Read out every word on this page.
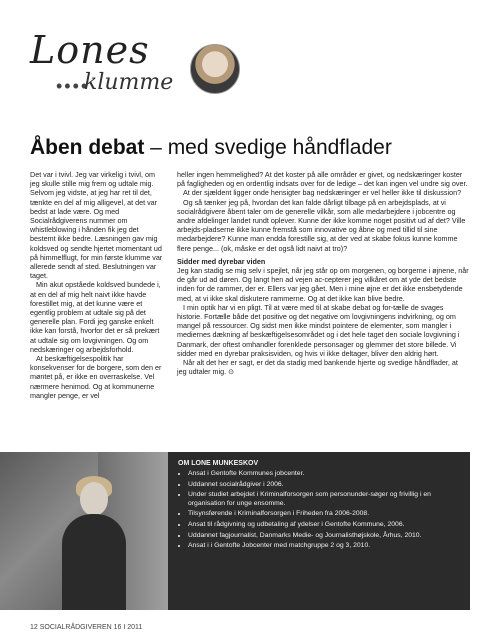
Lones
••••
klumme
Åben debat – med svedige håndflader

Det var i tvivl. Jeg var virkelig i tvivl, om jeg skulle stille mig frem og udtale mig. Selvom jeg vidste, at jeg har ret til det, tænkte en del af mig alligevel, at det var bedst at lade være. Og med Socialrådgiverens nummer om whistleblowing i hånden fik jeg det bestemt ikke bedre. Læsningen gav mig koldsved og sendte hjertet momentant ud på himmelflugt, for min første klumme var allerede sendt af sted. Beslutningen var taget.

Min akut opståede koldsved bundede i, at en del af mig helt naivt ikke havde forestillet mig, at det kunne være et egentlig problem at udtale sig på det generelle plan. Fordi jeg ganske enkelt ikke kan forstå, hvorfor det er så prekært at udtale sig om lovgivningen. Og om nedskæringer og arbejdsforhold.

At beskæftigelsespolitik har konsekvenser for de borgere, som den er møntet på, er ikke en overraskelse. Vel nærmere henimod. Og at kommunerne mangler penge, er vel

heller ingen hemmelighed? At det koster på alle områder er givet, og nedskæringer koster på fagligheden og en ordentlig indsats over for de ledige – det kan ingen vel undre sig over.

At der sjældent ligger onde hensigter bag nedskæringer er vel heller ikke til diskussion?

Og så tænker jeg på, hvordan det kan falde dårligt tilbage på en arbejdsplads, at vi socialrådgivere åbent taler om de generelle vilkår, som alle medarbejdere i jobcentre og andre afdelinger landet rundt oplever. Kunne der ikke komme noget positivt ud af det? Ville arbejds-pladserne ikke kunne fremstå som innovative og åbne og med tillid til sine medarbejdere? Kunne man endda forestille sig, at der ved at skabe fokus kunne komme flere penge... (ok, måske er det også lidt naivt at tro)?

Sidder med dyrebar viden

Jeg kan stadig se mig selv i spejlet, når jeg står op om morgenen, og borgerne i øjnene, når de går ud ad døren. Og langt hen ad vejen ac-cepterer jeg vilkåret om at yde det bedste inden for de rammer, der er. Ellers var jeg gået. Men i mine øjne er det ikke ensbetydende med, at vi ikke skal diskutere rammerne. Og at det ikke kan blive bedre.

I min optik har vi en pligt. Til at være med til at skabe debat og for-tælle de svages historie. Fortælle både det positive og det negative om lovgivningens indvirkning, og om mangel på ressourcer. Og sidst men ikke mindst pointere de elementer, som mangler i mediernes dækning af beskæftigelsesområdet og i det hele taget den sociale lovgivning i Danmark, der oftest omhandler forenklede personsager og glemmer det store billede. Vi sidder med en dyrebar praksisviden, og hvis vi ikke deltager, bliver den aldrig hørt.

Når alt det her er sagt, er det da stadig med bankende hjerte og svedige håndflader, at jeg udtaler mig. ⊙

OM LONE MUNKESKOV
• Ansat i Gentofte Kommunes jobcenter.
• Uddannet socialrådgiver i 2006.
• Under studiet arbejdet i Kriminalforsorgen som personunder-søger og frivillig i en organisation for unge ensomme.
• Tilsynsførende i Kriminalforsorgen i Friheden fra 2006-2008.
• Ansat til rådgivning og udbetaling af ydelser i Gentofte Kommune, 2006.
• Uddannet fagjournalist, Danmarks Medie- og Journalisthøjskole, Århus, 2010.
• Ansat i i Gentofte Jobcenter med matchgruppe 2 og 3, 2010.
12 SOCIALRÅDGIVEREN 16 I 2011
